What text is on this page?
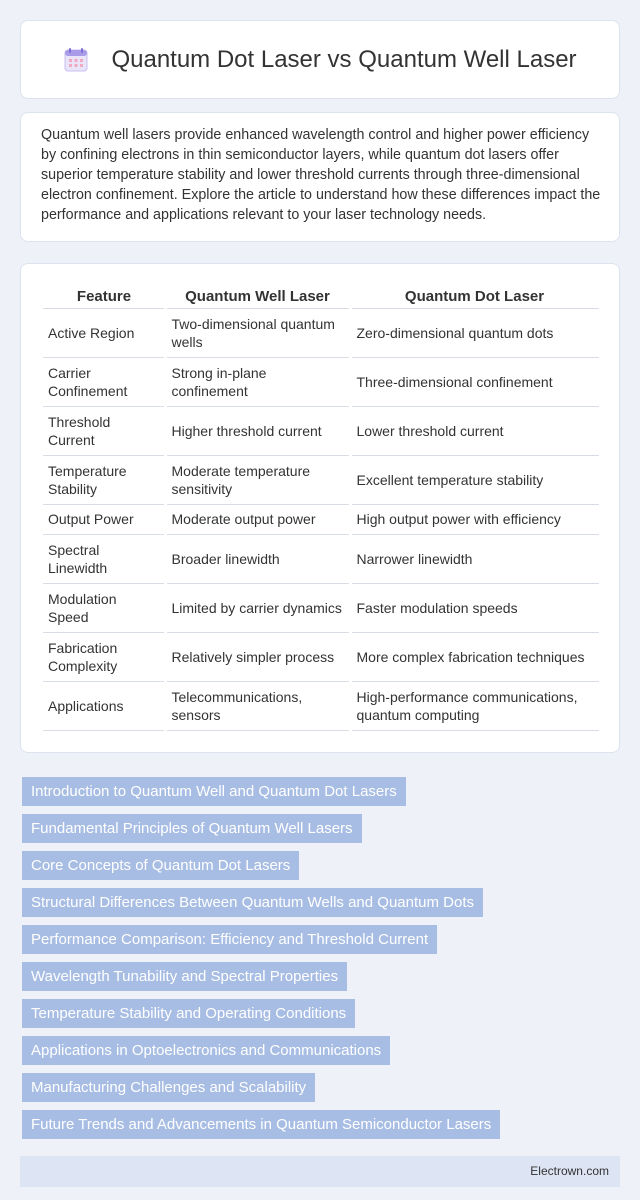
Quantum Dot Laser vs Quantum Well Laser

Quantum well lasers provide enhanced wavelength control and higher power efficiency by confining electrons in thin semiconductor layers, while quantum dot lasers offer superior temperature stability and lower threshold currents through three-dimensional electron confinement. Explore the article to understand how these differences impact the performance and applications relevant to your laser technology needs.

Feature	Quantum Well Laser	Quantum Dot Laser
Active Region	Two-dimensional quantum wells	Zero-dimensional quantum dots
Carrier Confinement	Strong in-plane confinement	Three-dimensional confinement
Threshold Current	Higher threshold current	Lower threshold current
Temperature Stability	Moderate temperature sensitivity	Excellent temperature stability
Output Power	Moderate output power	High output power with efficiency
Spectral Linewidth	Broader linewidth	Narrower linewidth
Modulation Speed	Limited by carrier dynamics	Faster modulation speeds
Fabrication Complexity	Relatively simpler process	More complex fabrication techniques
Applications	Telecommunications, sensors	High-performance communications, quantum computing
Introduction to Quantum Well and Quantum Dot Lasers
Fundamental Principles of Quantum Well Lasers
Core Concepts of Quantum Dot Lasers
Structural Differences Between Quantum Wells and Quantum Dots
Performance Comparison: Efficiency and Threshold Current
Wavelength Tunability and Spectral Properties
Temperature Stability and Operating Conditions
Applications in Optoelectronics and Communications
Manufacturing Challenges and Scalability
Future Trends and Advancements in Quantum Semiconductor Lasers
Electrown.com
